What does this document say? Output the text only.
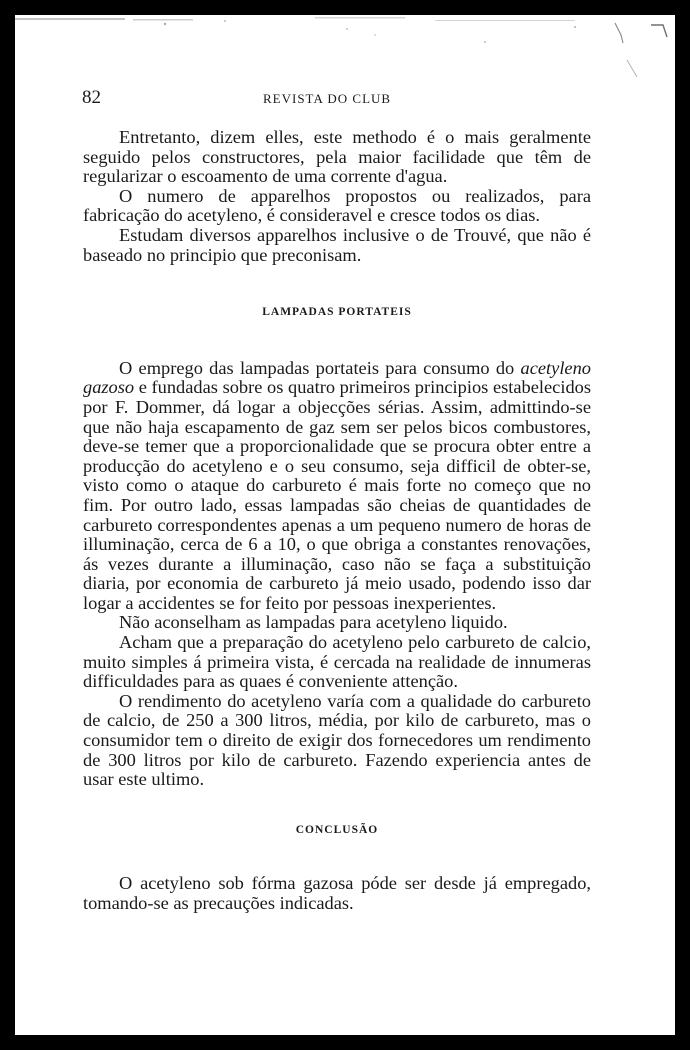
82	REVISTA DO CLUB

Entretanto, dizem elles, este methodo é o mais geralmente seguido pelos constructores, pela maior facilidade que têm de regularizar o escoamento de uma corrente d'agua.

O numero de apparelhos propostos ou realizados, para fabricação do acetyleno, é consideravel e cresce todos os dias.

Estudam diversos apparelhos inclusive o de Trouvé, que não é baseado no principio que preconisam.

LAMPADAS PORTATEIS

O emprego das lampadas portateis para consumo do acetyleno gazoso e fundadas sobre os quatro primeiros principios estabelecidos por F. Dommer, dá logar a objecções sérias. Assim, admittindo-se que não haja escapamento de gaz sem ser pelos bicos combustores, deve-se temer que a proporcionalidade que se procura obter entre a producção do acetyleno e o seu consumo, seja difficil de obter-se, visto como o ataque do carbureto é mais forte no começo que no fim. Por outro lado, essas lampadas são cheias de quantidades de carbureto correspondentes apenas a um pequeno numero de horas de illuminação, cerca de 6 a 10, o que obriga a constantes renovações, ás vezes durante a illuminação, caso não se faça a substituição diaria, por economia de carbureto já meio usado, podendo isso dar logar a accidentes se for feito por pessoas inexperientes.

Não aconselham as lampadas para acetyleno liquido.

Acham que a preparação do acetyleno pelo carbureto de calcio, muito simples á primeira vista, é cercada na realidade de innumeras difficuldades para as quaes é conveniente attenção.

O rendimento do acetyleno varía com a qualidade do carbureto de calcio, de 250 a 300 litros, média, por kilo de carbureto, mas o consumidor tem o direito de exigir dos fornecedores um rendimento de 300 litros por kilo de carbureto. Fazendo experiencia antes de usar este ultimo.

CONCLUSÃO

O acetyleno sob fórma gazosa póde ser desde já empregado, tomando-se as precauções indicadas.
